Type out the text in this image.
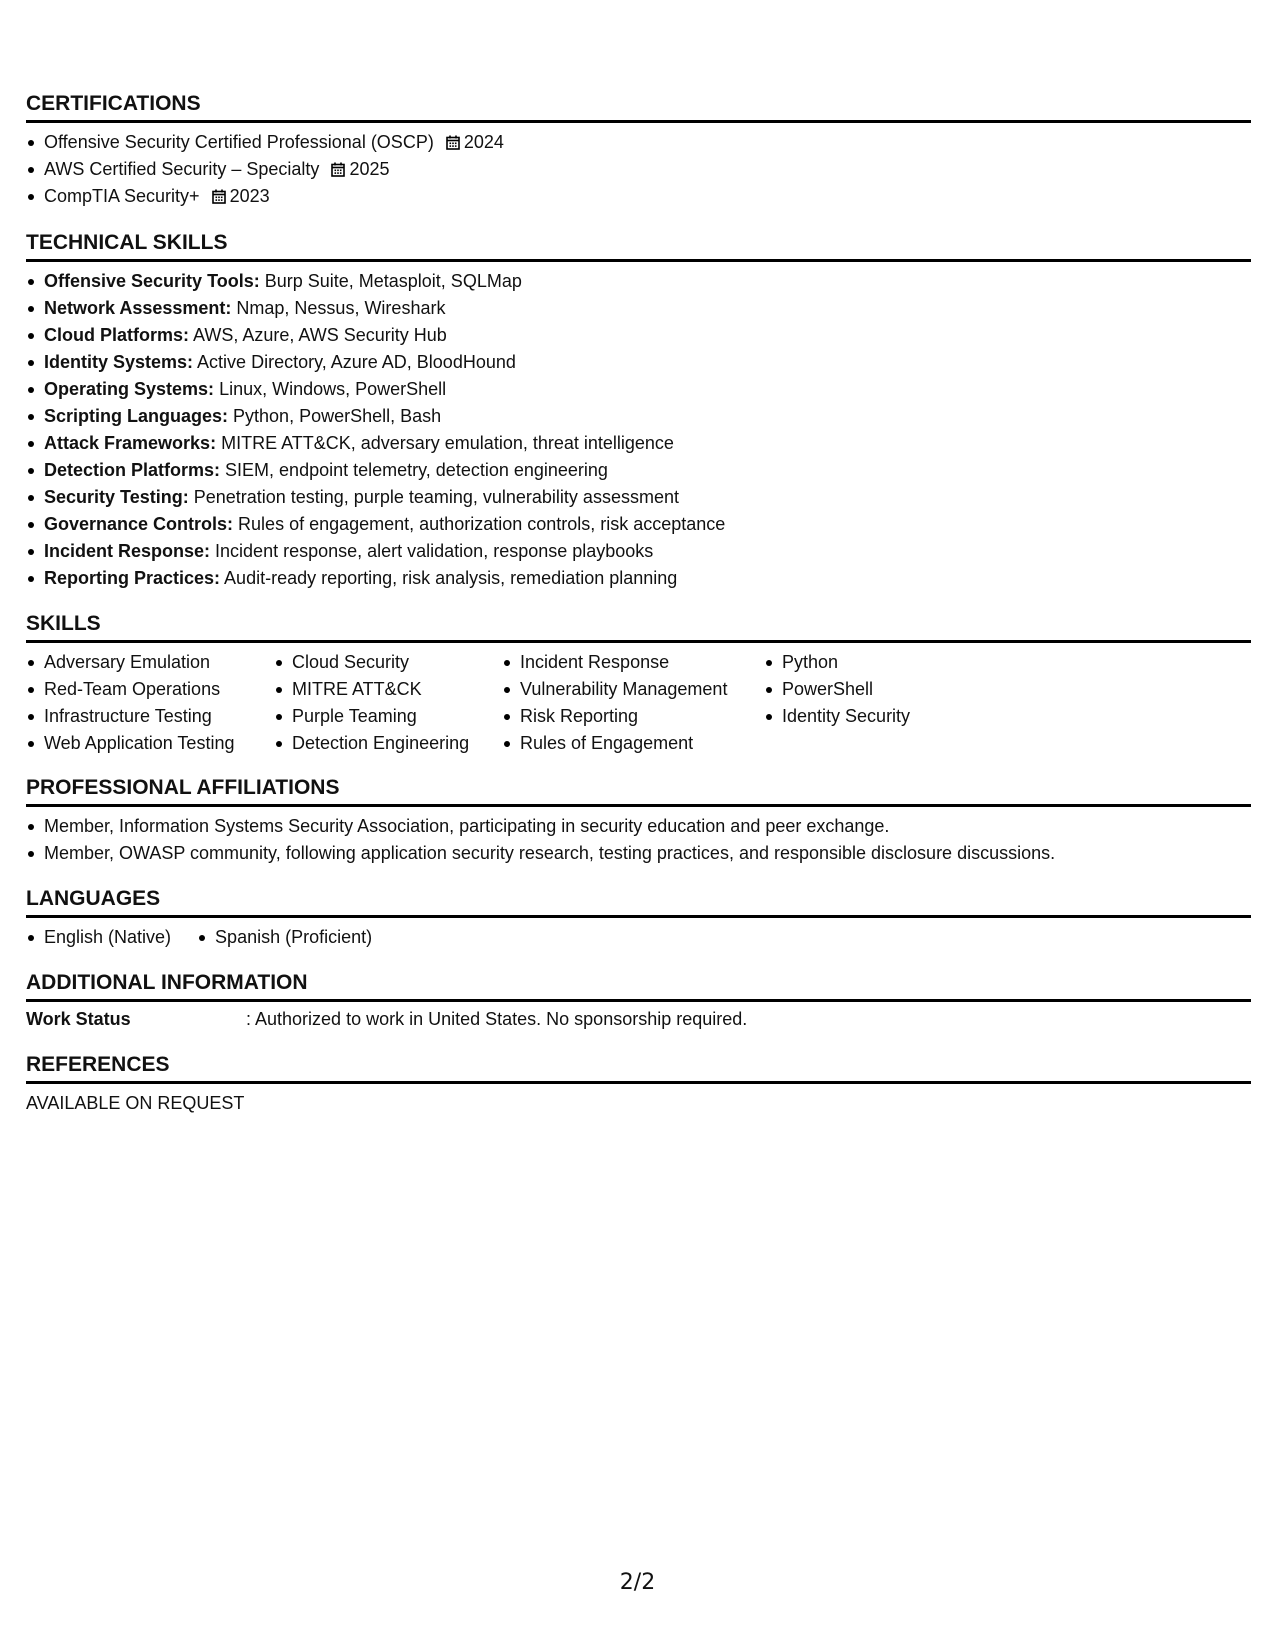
CERTIFICATIONS
Offensive Security Certified Professional (OSCP) 2024
AWS Certified Security – Specialty 2025
CompTIA Security+ 2023
TECHNICAL SKILLS
Offensive Security Tools: Burp Suite, Metasploit, SQLMap
Network Assessment: Nmap, Nessus, Wireshark
Cloud Platforms: AWS, Azure, AWS Security Hub
Identity Systems: Active Directory, Azure AD, BloodHound
Operating Systems: Linux, Windows, PowerShell
Scripting Languages: Python, PowerShell, Bash
Attack Frameworks: MITRE ATT&CK, adversary emulation, threat intelligence
Detection Platforms: SIEM, endpoint telemetry, detection engineering
Security Testing: Penetration testing, purple teaming, vulnerability assessment
Governance Controls: Rules of engagement, authorization controls, risk acceptance
Incident Response: Incident response, alert validation, response playbooks
Reporting Practices: Audit-ready reporting, risk analysis, remediation planning
SKILLS
Adversary Emulation
Red-Team Operations
Infrastructure Testing
Web Application Testing
Cloud Security
MITRE ATT&CK
Purple Teaming
Detection Engineering
Incident Response
Vulnerability Management
Risk Reporting
Rules of Engagement
Python
PowerShell
Identity Security
PROFESSIONAL AFFILIATIONS
Member, Information Systems Security Association, participating in security education and peer exchange.
Member, OWASP community, following application security research, testing practices, and responsible disclosure discussions.
LANGUAGES
English (Native)	Spanish (Proficient)
ADDITIONAL INFORMATION
Work Status	: Authorized to work in United States. No sponsorship required.
REFERENCES
AVAILABLE ON REQUEST
2/2
